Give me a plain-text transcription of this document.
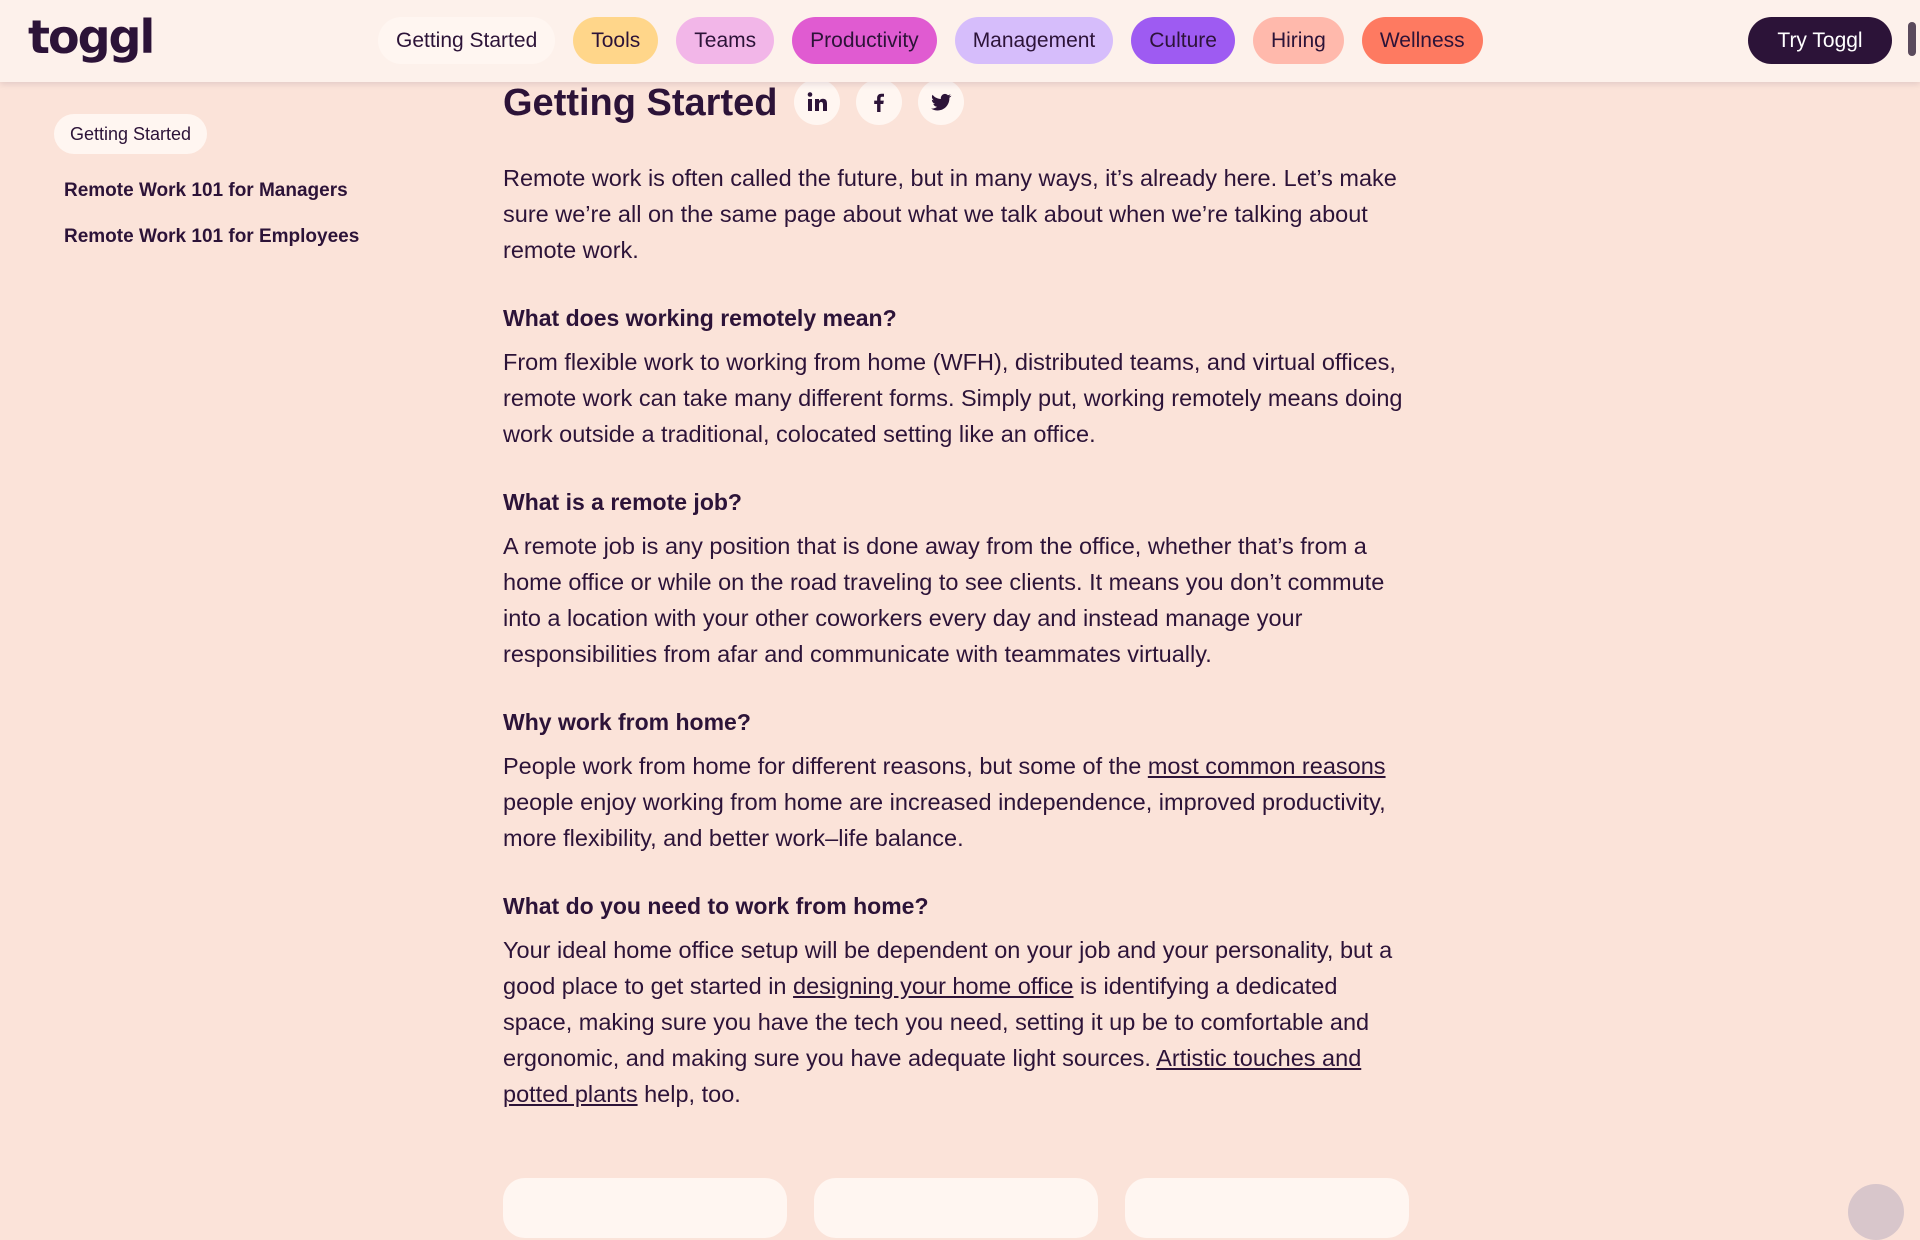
toggl	Getting Started	Tools	Teams	Productivity	Management	Culture	Hiring	Wellness	Try Toggl
Getting Started
Remote Work 101 for Managers
Remote Work 101 for Employees
Getting Started

Remote work is often called the future, but in many ways, it’s already here. Let’s make sure we’re all on the same page about what we talk about when we’re talking about remote work.

What does working remotely mean?

From flexible work to working from home (WFH), distributed teams, and virtual offices, remote work can take many different forms. Simply put, working remotely means doing work outside a traditional, colocated setting like an office.

What is a remote job?

A remote job is any position that is done away from the office, whether that’s from a home office or while on the road traveling to see clients. It means you don’t commute into a location with your other coworkers every day and instead manage your responsibilities from afar and communicate with teammates virtually.

Why work from home?

People work from home for different reasons, but some of the most common reasons people enjoy working from home are increased independence, improved productivity, more flexibility, and better work–life balance.

What do you need to work from home?

Your ideal home office setup will be dependent on your job and your personality, but a good place to get started in designing your home office is identifying a dedicated space, making sure you have the tech you need, setting it up be to comfortable and ergonomic, and making sure you have adequate light sources. Artistic touches and potted plants help, too.
